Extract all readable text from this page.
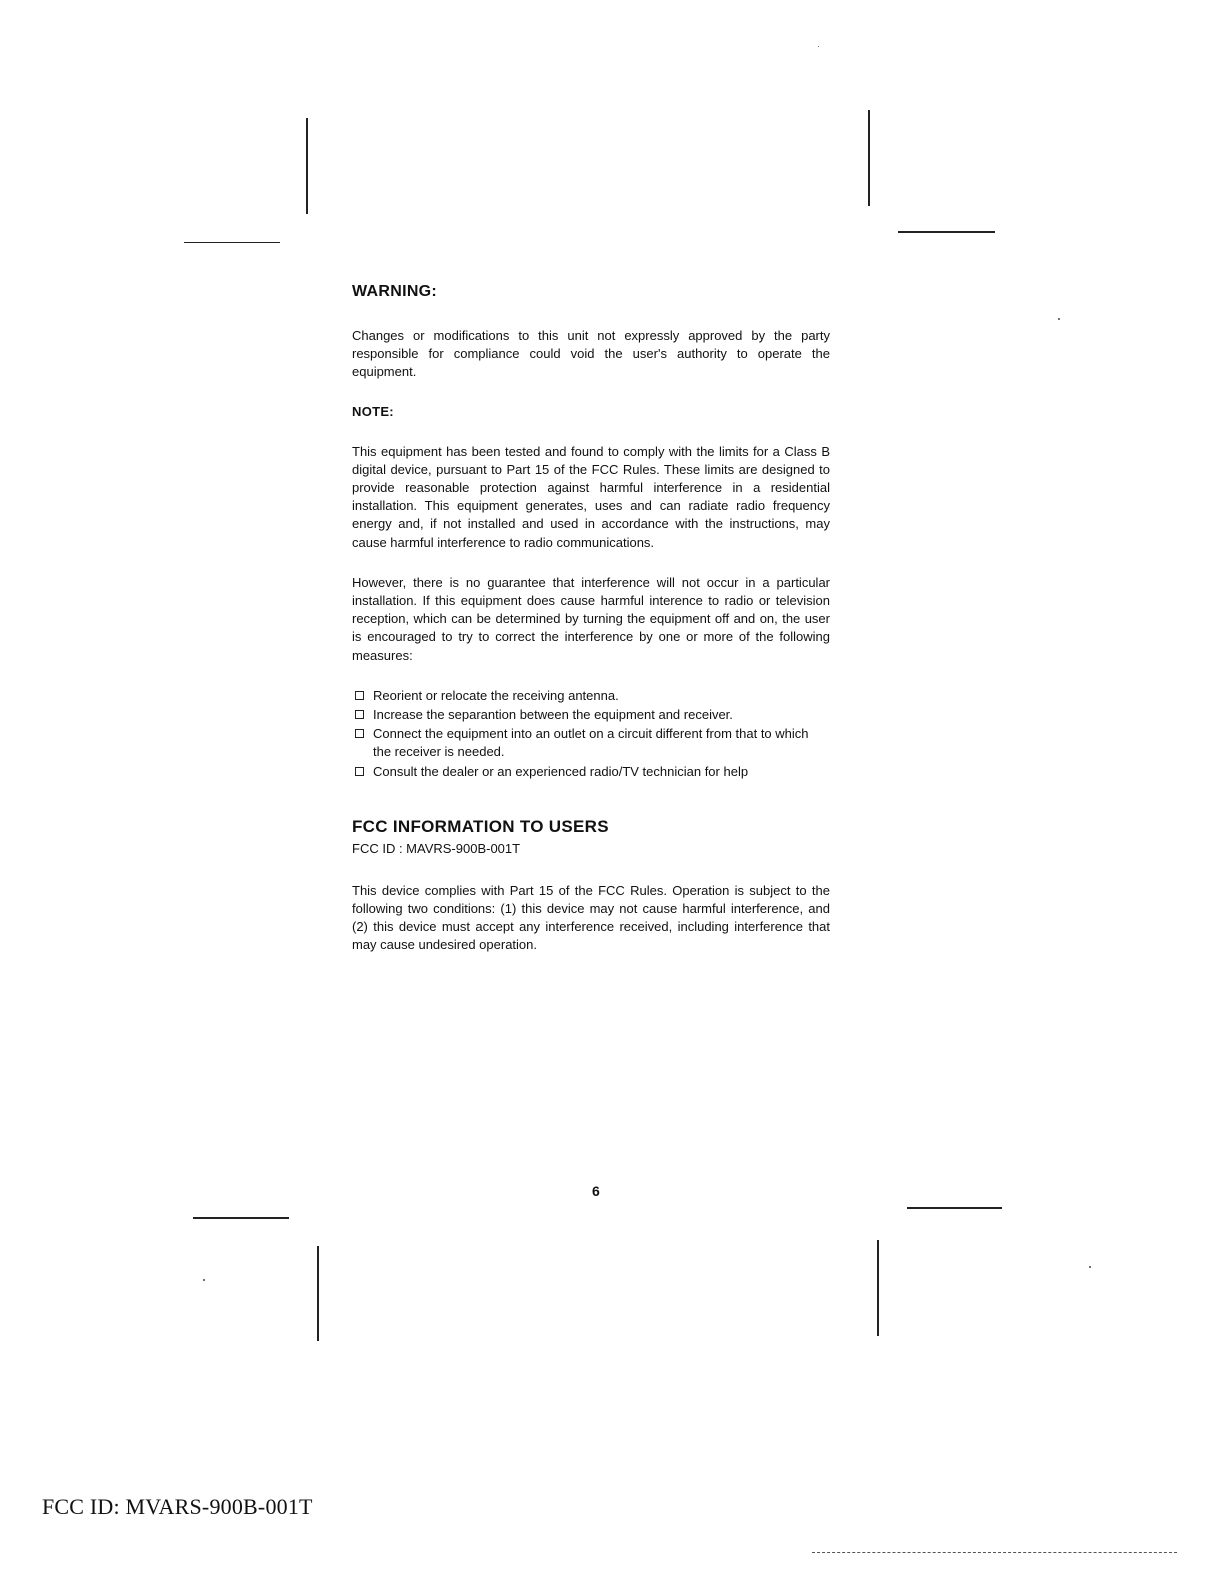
WARNING:

Changes or modifications to this unit not expressly approved by the party responsible for compliance could void the user's authority to operate the equipment.

NOTE:

This equipment has been tested and found to comply with the limits for a Class B digital device, pursuant to Part 15 of the FCC Rules. These limits are designed to provide reasonable protection against harmful interference in a residential installation. This equipment generates, uses and can radiate radio frequency energy and, if not installed and used in accordance with the instructions, may cause harmful interference to radio communications.

However, there is no guarantee that interference will not occur in a particular installation. If this equipment does cause harmful interence to radio or television reception, which can be determined by turning the equipment off and on, the user is encouraged to try to correct the interference by one or more of the following measures:

Reorient or relocate the receiving antenna.
Increase the separantion between the equipment and receiver.
Connect the equipment into an outlet on a circuit different from that to which the receiver is needed.
Consult the dealer or an experienced radio/TV technician for help
FCC INFORMATION TO USERS
FCC ID : MAVRS-900B-001T

This device complies with Part 15 of the FCC Rules. Operation is subject to the following two conditions: (1) this device may not cause harmful interference, and (2) this device must accept any interference received, including interference that may cause undesired operation.

6
FCC ID: MVARS-900B-001T
